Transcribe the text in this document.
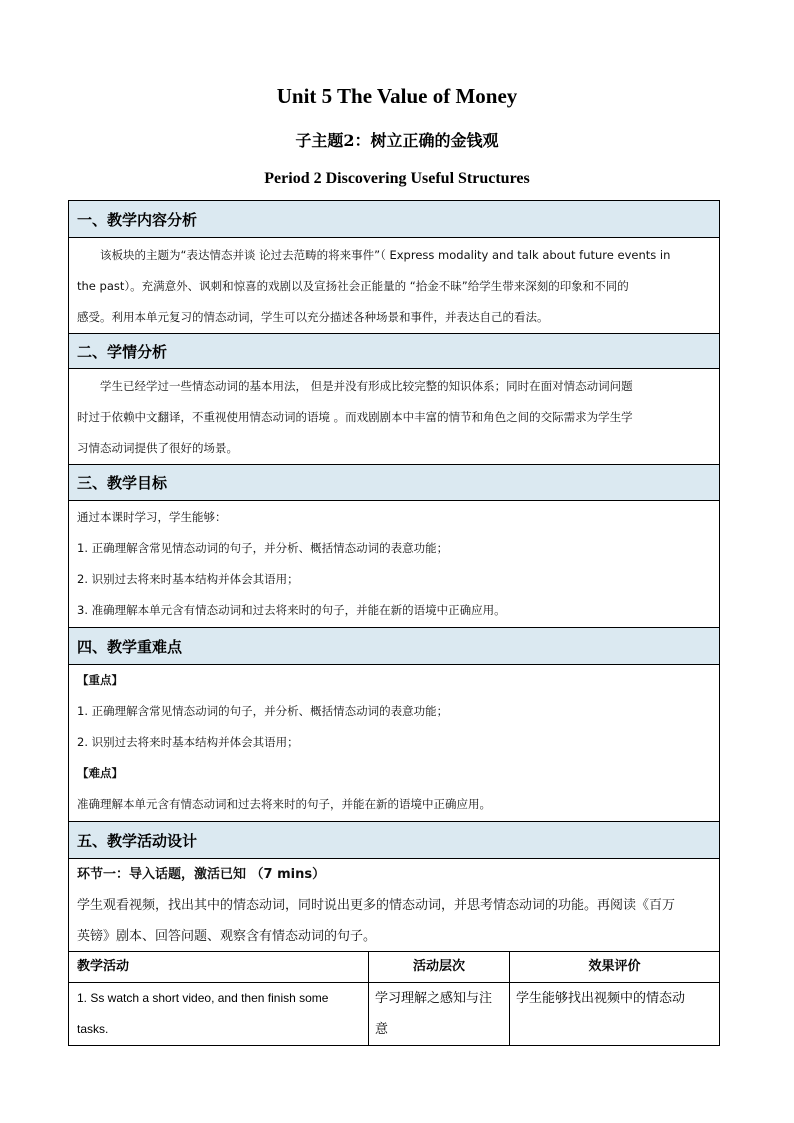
Unit 5 The Value of Money
子主题2：树立正确的金钱观
Period 2 Discovering Useful Structures
一、教学内容分析

该板块的主题为“表达情态并谈 论过去范畴的将来事件”（ Express modality and talk about future events in

the past）。充满意外、讽刺和惊喜的戏剧以及宣扬社会正能量的 “拾金不昧”给学生带来深刻的印象和不同的

感受。利用本单元复习的情态动词，学生可以充分描述各种场景和事件，并表达自己的看法。

二、学情分析

学生已经学过一些情态动词的基本用法， 但是并没有形成比较完整的知识体系；同时在面对情态动词问题

时过于依赖中文翻译，不重视使用情态动词的语境 。而戏剧剧本中丰富的情节和角色之间的交际需求为学生学

习情态动词提供了很好的场景。

三、教学目标

通过本课时学习，学生能够：

1. 正确理解含常见情态动词的句子，并分析、概括情态动词的表意功能；

2. 识别过去将来时基本结构并体会其语用；

3. 准确理解本单元含有情态动词和过去将来时的句子，并能在新的语境中正确应用。

四、教学重难点

【重点】

1. 正确理解含常见情态动词的句子，并分析、概括情态动词的表意功能；

2. 识别过去将来时基本结构并体会其语用；

【难点】

准确理解本单元含有情态动词和过去将来时的句子，并能在新的语境中正确应用。

五、教学活动设计

环节一：导入话题，激活已知 （7 mins）

学生观看视频，找出其中的情态动词，同时说出更多的情态动词，并思考情态动词的功能。再阅读《百万

英镑》剧本、回答问题、观察含有情态动词的句子。

教学活动
1. Ss watch a short video, and then finish some
tasks.
活动层次
学习理解之感知与注
意
效果评价
学生能够找出视频中的情态动
